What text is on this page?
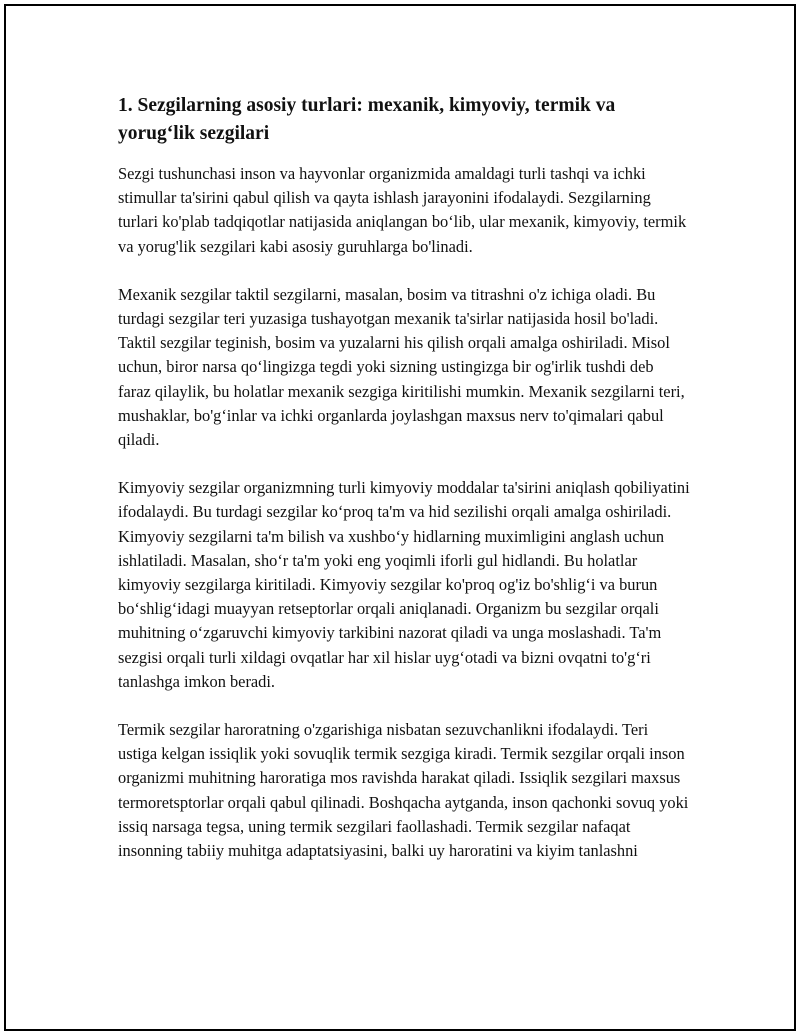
1. Sezgilarning asosiy turlari: mexanik, kimyoviy, termik va yorug‘lik sezgilari

Sezgi tushunchasi inson va hayvonlar organizmida amaldagi turli tashqi va ichki stimullar ta'sirini qabul qilish va qayta ishlash jarayonini ifodalaydi. Sezgilarning turlari ko'plab tadqiqotlar natijasida aniqlangan bo‘lib, ular mexanik, kimyoviy, termik va yorug'lik sezgilari kabi asosiy guruhlarga bo'linadi.

Mexanik sezgilar taktil sezgilarni, masalan, bosim va titrashni o'z ichiga oladi. Bu turdagi sezgilar teri yuzasiga tushayotgan mexanik ta'sirlar natijasida hosil bo'ladi. Taktil sezgilar teginish, bosim va yuzalarni his qilish orqali amalga oshiriladi. Misol uchun, biror narsa qo‘lingizga tegdi yoki sizning ustingizga bir og'irlik tushdi deb faraz qilaylik, bu holatlar mexanik sezgiga kiritilishi mumkin. Mexanik sezgilarni teri, mushaklar, bo'g‘inlar va ichki organlarda joylashgan maxsus nerv to'qimalari qabul qiladi.

Kimyoviy sezgilar organizmning turli kimyoviy moddalar ta'sirini aniqlash qobiliyatini ifodalaydi. Bu turdagi sezgilar ko‘proq ta'm va hid sezilishi orqali amalga oshiriladi. Kimyoviy sezgilarni ta'm bilish va xushbo‘y hidlarning muximligini anglash uchun ishlatiladi. Masalan, sho‘r ta'm yoki eng yoqimli iforli gul hidlandi. Bu holatlar kimyoviy sezgilarga kiritiladi. Kimyoviy sezgilar ko'proq og'iz bo'shlig‘i va burun bo‘shlig‘idagi muayyan retseptorlar orqali aniqlanadi. Organizm bu sezgilar orqali muhitning o‘zgaruvchi kimyoviy tarkibini nazorat qiladi va unga moslashadi. Ta'm sezgisi orqali turli xildagi ovqatlar har xil hislar uyg‘otadi va bizni ovqatni to'g‘ri tanlashga imkon beradi.

Termik sezgilar haroratning o'zgarishiga nisbatan sezuvchanlikni ifodalaydi. Teri ustiga kelgan issiqlik yoki sovuqlik termik sezgiga kiradi. Termik sezgilar orqali inson organizmi muhitning haroratiga mos ravishda harakat qiladi. Issiqlik sezgilari maxsus termoretsptorlar orqali qabul qilinadi. Boshqacha aytganda, inson qachonki sovuq yoki issiq narsaga tegsa, uning termik sezgilari faollashadi. Termik sezgilar nafaqat insonning tabiiy muhitga adaptatsiyasini, balki uy haroratini va kiyim tanlashni
